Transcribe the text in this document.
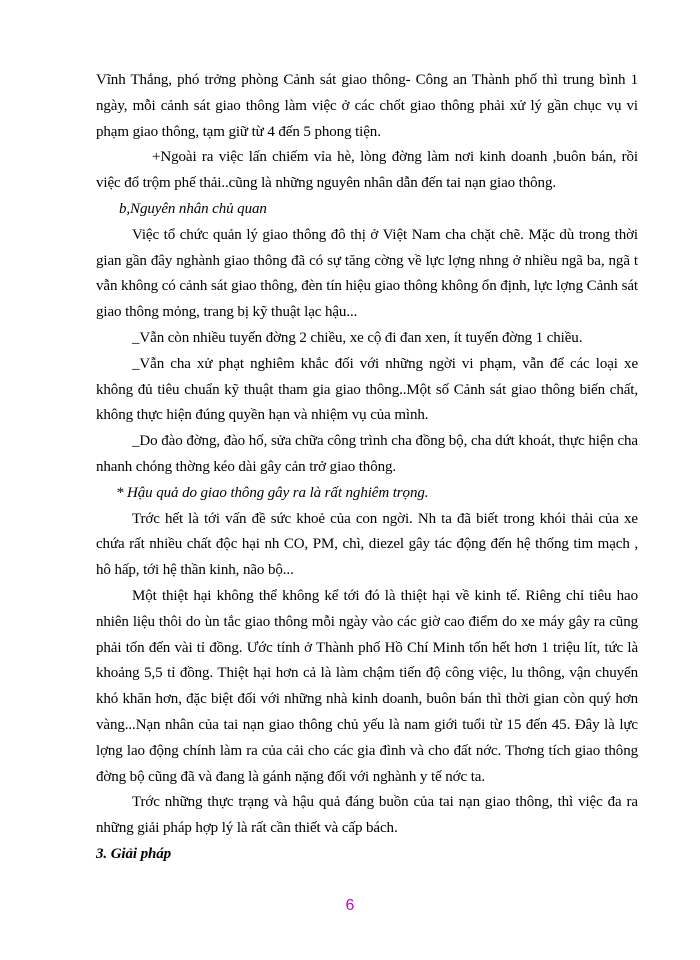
Vĩnh Thắng, phó trởng phòng Cảnh sát giao thông- Công an Thành phố thì trung bình 1 ngày, mỗi cảnh sát giao thông làm việc ở các chốt giao thông phải xử lý gần chục vụ vi phạm giao thông, tạm giữ từ 4 đến 5 phong tiện.

+Ngoài ra việc lấn chiếm vỉa hè, lòng đờng làm nơi kinh doanh ,buôn bán, rồi việc đổ trộm phế thải..cũng là những nguyên nhân dẫn đến tai nạn giao thông.

b,Nguyên nhân chủ quan

Việc tổ chức quản lý giao thông đô thị ở Việt Nam cha chặt chẽ. Mặc dù trong thời gian gần đây nghành giao thông đã có sự tăng cờng về lực lợng nhng ở nhiều ngã ba, ngã t vẫn không có cảnh sát giao thông, đèn tín hiệu giao thông không ổn định, lực lợng Cảnh sát giao thông mỏng, trang bị kỹ thuật lạc hậu...

_Vẫn còn nhiều tuyến đờng 2 chiều, xe cộ đi đan xen, ít tuyến đờng 1 chiều.

_Vẫn cha xử phạt nghiêm khắc đối với những ngời vi phạm, vẫn để các loại xe không đủ tiêu chuẩn kỹ thuật tham gia giao thông..Một số Cảnh sát giao thông biến chất, không thực hiện đúng quyền hạn và nhiệm vụ của mình.

_Do đào đờng, đào hố, sửa chữa công trình cha đồng bộ, cha dứt khoát, thực hiện cha nhanh chóng thờng kéo dài gây cản trở giao thông.

* Hậu quả do giao thông gây ra là rất nghiêm trọng.

Trớc hết là tới vấn đề sức khoẻ của con ngời. Nh ta đã biết trong khói thải của xe chứa rất nhiều chất độc hại nh CO, PM, chì, diezel gây tác động đến hệ thống tim mạch , hô hấp, tới hệ thần kinh, não bộ...

Một thiệt hại không thể không kể tới đó là thiệt hại về kinh tế. Riêng chỉ tiêu hao nhiên liệu thôi do ùn tắc giao thông mỗi ngày vào các giờ cao điểm do xe máy gây ra cũng phải tốn đến vài tỉ đồng. Ước tính ở Thành phố Hồ Chí Minh tốn hết hơn 1 triệu lít, tức là khoảng 5,5 tỉ đồng. Thiệt hại hơn cả là làm chậm tiến độ công việc, lu thông, vận chuyển khó khăn hơn, đặc biệt đối với những nhà kinh doanh, buôn bán thì thời gian còn quý hơn vàng...Nạn nhân của tai nạn giao thông chủ yếu là nam giới tuổi từ 15 đến 45. Đây là lực lợng lao động chính làm ra của cải cho các gia đình và cho đất nớc. Thơng tích giao thông đờng bộ cũng đã và đang là gánh nặng đối với nghành y tế nớc ta.

Trớc những thực trạng và hậu quả đáng buồn của tai nạn giao thông, thì việc đa ra những giải pháp hợp lý là rất cần thiết và cấp bách.

3. Giải pháp

6
